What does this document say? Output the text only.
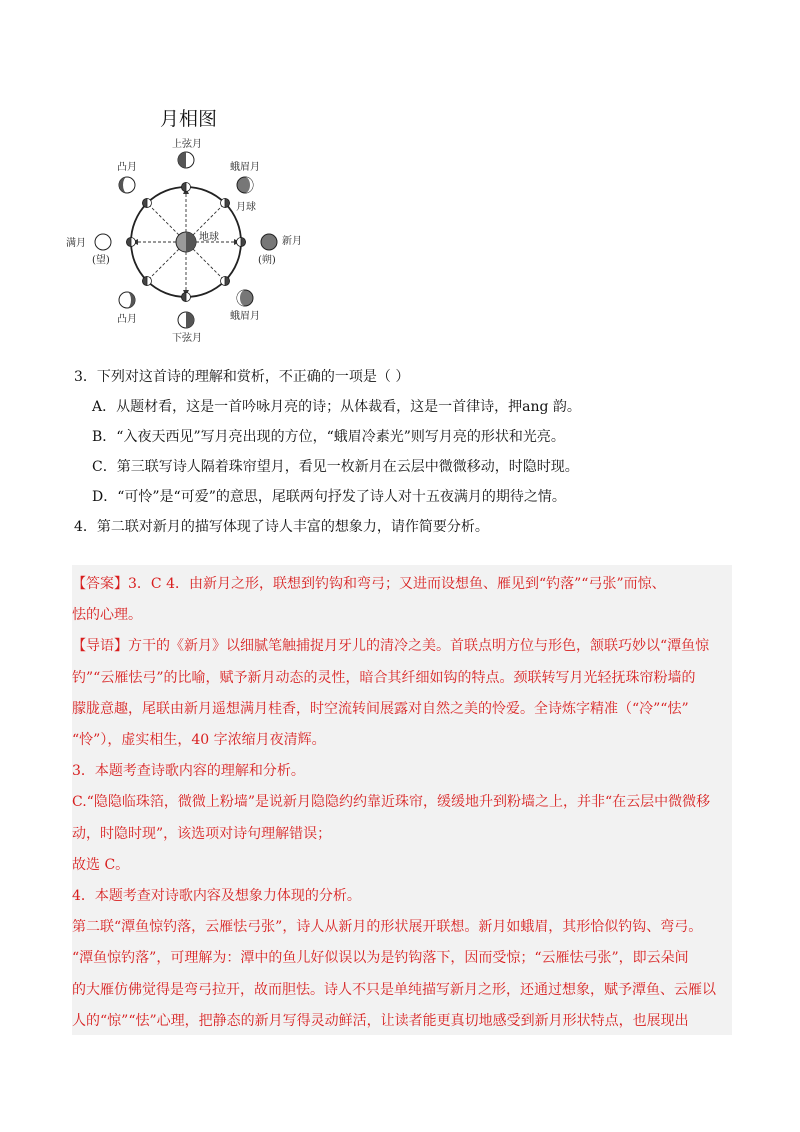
月相图
地球
上弦月
蛾眉月
月球
新月
(朔)
凸月
满月
(望)
凸月
下弦月
蛾眉月
3．下列对这首诗的理解和赏析，不正确的一项是（ ）
A．从题材看，这是一首吟咏月亮的诗；从体裁看，这是一首律诗，押ang 韵。
B．“入夜天西见”写月亮出现的方位，“蛾眉冷素光”则写月亮的形状和光亮。
C．第三联写诗人隔着珠帘望月，看见一枚新月在云层中微微移动，时隐时现。
D．“可怜”是“可爱”的意思，尾联两句抒发了诗人对十五夜满月的期待之情。
4．第二联对新月的描写体现了诗人丰富的想象力，请作简要分析。

【答案】3．C 4．由新月之形，联想到钓钩和弯弓；又进而设想鱼、雁见到“钓落”“弓张”而惊、

怯的心理。

【导语】方干的《新月》以细腻笔触捕捉月牙儿的清冷之美。首联点明方位与形色，颔联巧妙以“潭鱼惊

钓”“云雁怯弓”的比喻，赋予新月动态的灵性，暗合其纤细如钩的特点。颈联转写月光轻抚珠帘粉墙的

朦胧意趣，尾联由新月遥想满月桂香，时空流转间展露对自然之美的怜爱。全诗炼字精准（“冷”“怯”

“怜”），虚实相生，40 字浓缩月夜清辉。

3．本题考查诗歌内容的理解和分析。

C.“隐隐临珠箔，微微上粉墙”是说新月隐隐约约靠近珠帘，缓缓地升到粉墙之上，并非“在云层中微微移

动，时隐时现”，该选项对诗句理解错误；

故选 C。

4．本题考查对诗歌内容及想象力体现的分析。

第二联“潭鱼惊钓落，云雁怯弓张”，诗人从新月的形状展开联想。新月如蛾眉，其形恰似钓钩、弯弓。

“潭鱼惊钓落”，可理解为：潭中的鱼儿好似误以为是钓钩落下，因而受惊；“云雁怯弓张”，即云朵间

的大雁仿佛觉得是弯弓拉开，故而胆怯。诗人不只是单纯描写新月之形，还通过想象，赋予潭鱼、云雁以

人的“惊”“怯”心理，把静态的新月写得灵动鲜活，让读者能更真切地感受到新月形状特点，也展现出
